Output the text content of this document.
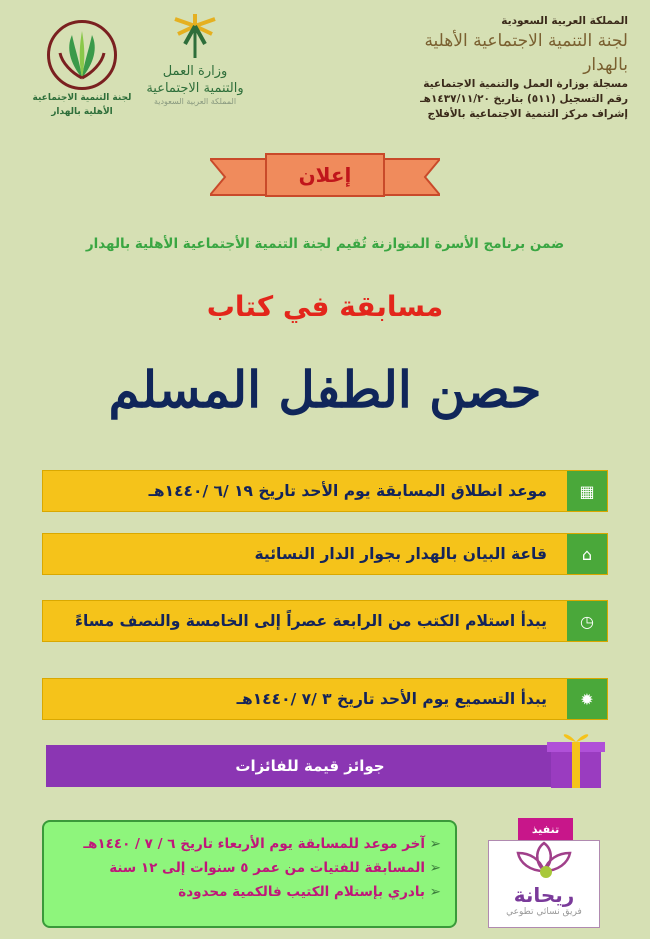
المملكة العربية السعودية
لجنة التنمية الاجتماعية الأهلية بالهدار
مسجلة بوزارة العمل والتنمية الاجتماعية
رقم التسجيل (٥١١) بتاريخ ١٤٣٧/١١/٢٠هـ
إشراف مركز التنمية الاجتماعية بالأفلاج
وزارة العمل
والتنمية الاجتماعية
المملكة العربية السعودية
لجنة التنمية الاجتماعية
الأهلية بالهدار
إعلان
ضمن برنامج الأسرة المتوازنة تُقيم لجنة التنمية الأجتماعية الأهلية بالهدار
مسابقة في كتاب
حصن الطفل المسلم
▦
موعد انطلاق المسابقة يوم الأحد تاريخ ١٩ /٦ /١٤٤٠هـ
⌂
قاعة البيان بالهدار بجوار الدار النسائية
◷
يبدأ استلام الكتب من الرابعة عصراً إلى الخامسة والنصف مساءً
✹
يبدأ التسميع يوم الأحد تاريخ ٣ /٧ /١٤٤٠هـ
جوائز قيمة للفائزات
➢ آخر موعد للمسابقة يوم الأربعاء تاريخ ٦ / ٧ / ١٤٤٠هـ
➢ المسابقة للفتيات من عمر ٥ سنوات إلى ١٢ سنة
➢ بادري بإستلام الكتيب فالكمية محدودة
تنفيذ
ريحانة
فريق نسائي تطوعي
